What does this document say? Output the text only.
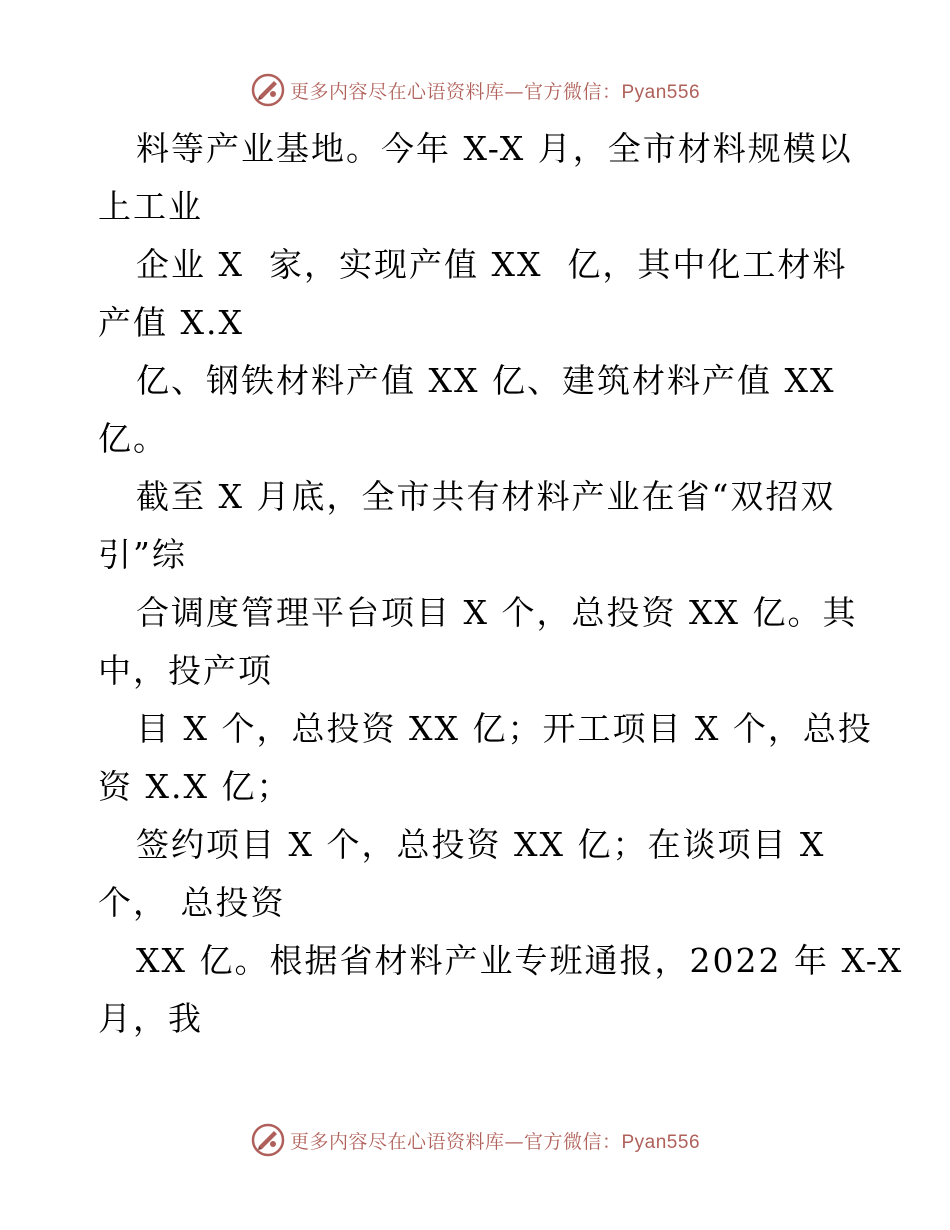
更多内容尽在心语资料库—官方微信：Pyan556
料等产业基地。今年 X-X 月，全市材料规模以
上工业
企业 X  家，实现产值 XX  亿，其中化工材料
产值 X.X
亿、钢铁材料产值 XX 亿、建筑材料产值 XX
亿。
截至 X 月底，全市共有材料产业在省“双招双
引”综
合调度管理平台项目 X 个，总投资 XX 亿。其
中，投产项
目 X 个，总投资 XX 亿；开工项目 X 个，总投
资 X.X 亿；
签约项目 X 个，总投资 XX 亿；在谈项目 X
个， 总投资
XX 亿。根据省材料产业专班通报，2022 年 X-X
月，我
更多内容尽在心语资料库—官方微信：Pyan556
